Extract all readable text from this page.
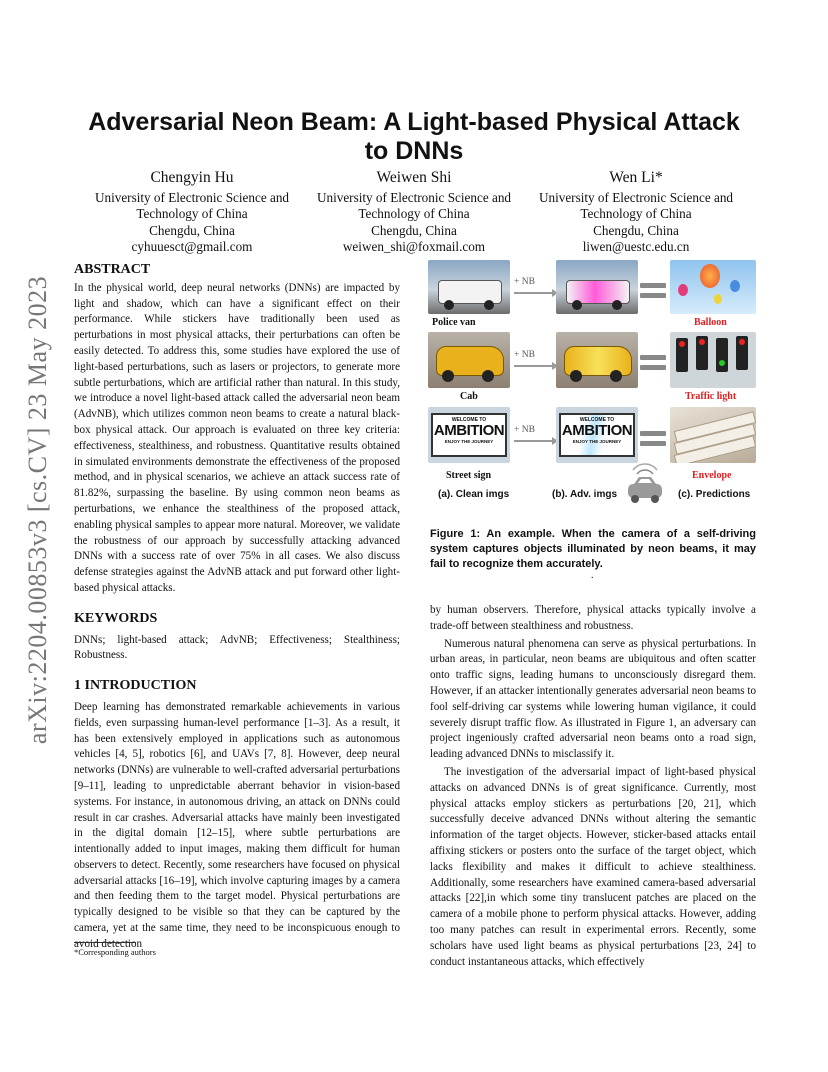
arXiv:2204.00853v3 [cs.CV] 23 May 2023
Adversarial Neon Beam: A Light-based Physical Attack to DNNs
Chengyin Hu
University of Electronic Science and
Technology of China
Chengdu, China
cyhuuesct@gmail.com
Weiwen Shi
University of Electronic Science and
Technology of China
Chengdu, China
weiwen_shi@foxmail.com
Wen Li*
University of Electronic Science and
Technology of China
Chengdu, China
liwen@uestc.edu.cn
ABSTRACT

In the physical world, deep neural networks (DNNs) are impacted by light and shadow, which can have a significant effect on their performance. While stickers have traditionally been used as perturbations in most physical attacks, their perturbations can often be easily detected. To address this, some studies have explored the use of light-based perturbations, such as lasers or projectors, to generate more subtle perturbations, which are artificial rather than natural. In this study, we introduce a novel light-based attack called the adversarial neon beam (AdvNB), which utilizes common neon beams to create a natural black-box physical attack. Our approach is evaluated on three key criteria: effectiveness, stealthiness, and robustness. Quantitative results obtained in simulated environments demonstrate the effectiveness of the proposed method, and in physical scenarios, we achieve an attack success rate of 81.82%, surpassing the baseline. By using common neon beams as perturbations, we enhance the stealthiness of the proposed attack, enabling physical samples to appear more natural. Moreover, we validate the robustness of our approach by successfully attacking advanced DNNs with a success rate of over 75% in all cases. We also discuss defense strategies against the AdvNB attack and put forward other light-based physical attacks.

KEYWORDS

DNNs; light-based attack; AdvNB; Effectiveness; Stealthiness; Robustness.

1 INTRODUCTION

Deep learning has demonstrated remarkable achievements in various fields, even surpassing human-level performance [1–3]. As a result, it has been extensively employed in applications such as autonomous vehicles [4, 5], robotics [6], and UAVs [7, 8]. However, deep neural networks (DNNs) are vulnerable to well-crafted adversarial perturbations [9–11], leading to unpredictable aberrant behavior in vision-based systems. For instance, in autonomous driving, an attack on DNNs could result in car crashes. Adversarial attacks have mainly been investigated in the digital domain [12–15], where subtle perturbations are intentionally added to input images, making them difficult for human observers to detect. Recently, some researchers have focused on physical adversarial attacks [16–19], which involve capturing images by a camera and then feeding them to the target model. Physical perturbations are typically designed to be visible so that they can be captured by the camera, yet at the same time, they need to be inconspicuous enough to avoid detection

+ NB
Police van	Balloon
+ NB
Cab	Traffic light
WELCOME TO
AMBITION
ENJOY THE JOURNEY
+ NB
WELCOME TO
AMBITION
ENJOY THE JOURNEY
Street sign	Envelope
(a). Clean imgs	(b). Adv. imgs	(c). Predictions
Figure 1: An example. When the camera of a self-driving system captures objects illuminated by neon beams, it may fail to recognize them accurately.
.

by human observers. Therefore, physical attacks typically involve a trade-off between stealthiness and robustness.

Numerous natural phenomena can serve as physical perturbations. In urban areas, in particular, neon beams are ubiquitous and often scatter onto traffic signs, leading humans to unconsciously disregard them. However, if an attacker intentionally generates adversarial neon beams to fool self-driving car systems while lowering human vigilance, it could severely disrupt traffic flow. As illustrated in Figure 1, an adversary can project ingeniously crafted adversarial neon beams onto a road sign, leading advanced DNNs to misclassify it.

The investigation of the adversarial impact of light-based physical attacks on advanced DNNs is of great significance. Currently, most physical attacks employ stickers as perturbations [20, 21], which successfully deceive advanced DNNs without altering the semantic information of the target objects. However, sticker-based attacks entail affixing stickers or posters onto the surface of the target object, which lacks flexibility and makes it difficult to achieve stealthiness. Additionally, some researchers have examined camera-based adversarial attacks [22],in which some tiny translucent patches are placed on the camera of a mobile phone to perform physical attacks. However, adding too many patches can result in experimental errors. Recently, some scholars have used light beams as physical perturbations [23, 24] to conduct instantaneous attacks, which effectively

*Corresponding authors
